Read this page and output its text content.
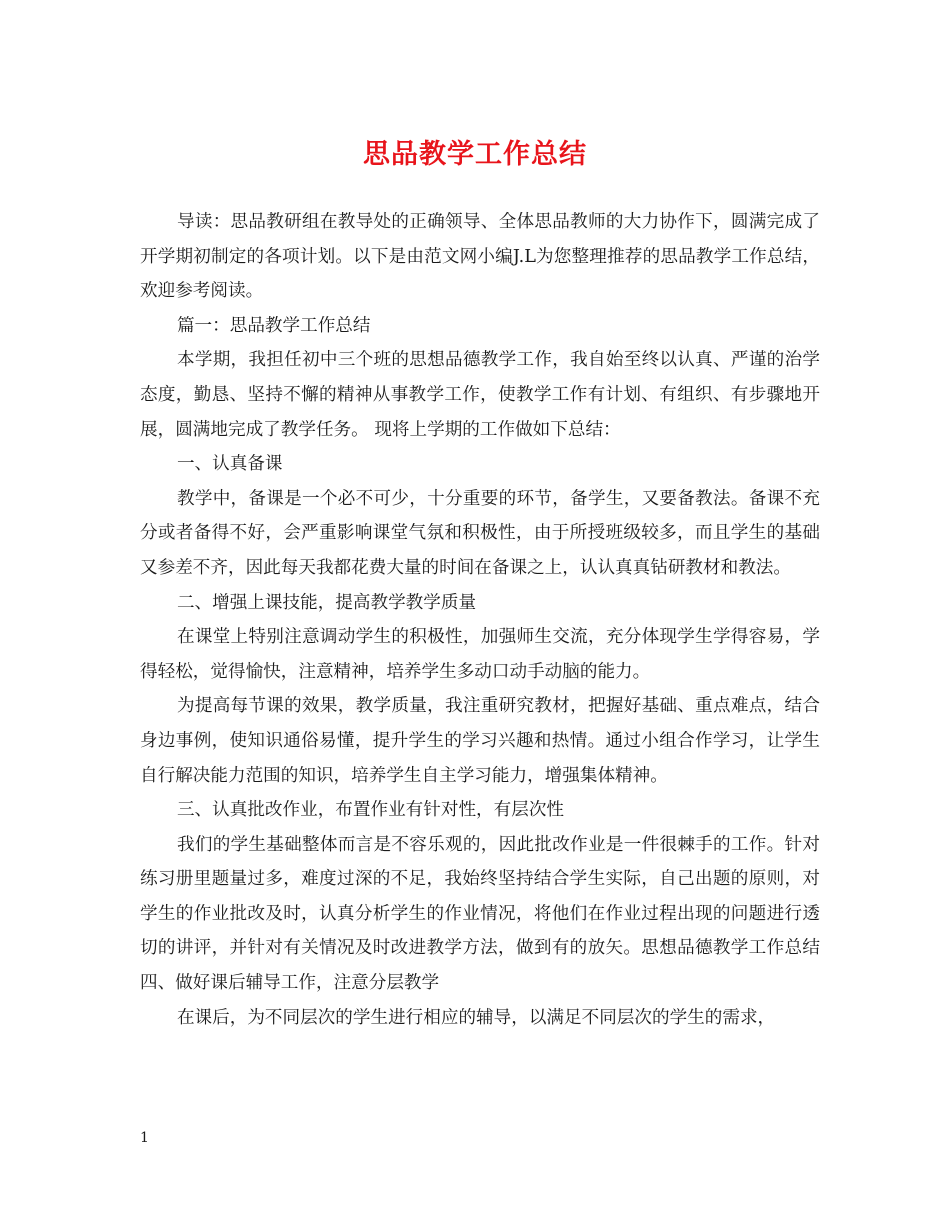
思品教学工作总结

导读：思品教研组在教导处的正确领导、全体思品教师的大力协作下，圆满完成了开学期初制定的各项计划。以下是由范文网小编J.L为您整理推荐的思品教学工作总结，欢迎参考阅读。

篇一：思品教学工作总结

本学期，我担任初中三个班的思想品德教学工作，我自始至终以认真、严谨的治学态度，勤恳、坚持不懈的精神从事教学工作，使教学工作有计划、有组织、有步骤地开展，圆满地完成了教学任务。 现将上学期的工作做如下总结：

一、认真备课

教学中，备课是一个必不可少，十分重要的环节，备学生，又要备教法。备课不充分或者备得不好，会严重影响课堂气氛和积极性，由于所授班级较多，而且学生的基础又参差不齐，因此每天我都花费大量的时间在备课之上，认认真真钻研教材和教法。

二、增强上课技能，提高教学教学质量

在课堂上特别注意调动学生的积极性，加强师生交流，充分体现学生学得容易，学得轻松，觉得愉快，注意精神，培养学生多动口动手动脑的能力。

为提高每节课的效果，教学质量，我注重研究教材，把握好基础、重点难点，结合身边事例，使知识通俗易懂，提升学生的学习兴趣和热情。通过小组合作学习，让学生自行解决能力范围的知识，培养学生自主学习能力，增强集体精神。

三、认真批改作业，布置作业有针对性，有层次性

我们的学生基础整体而言是不容乐观的，因此批改作业是一件很棘手的工作。针对练习册里题量过多，难度过深的不足，我始终坚持结合学生实际，自己出题的原则，对学生的作业批改及时，认真分析学生的作业情况，将他们在作业过程出现的问题进行透切的讲评，并针对有关情况及时改进教学方法，做到有的放矢。思想品德教学工作总结四、做好课后辅导工作，注意分层教学

在课后，为不同层次的学生进行相应的辅导，以满足不同层次的学生的需求，

1
